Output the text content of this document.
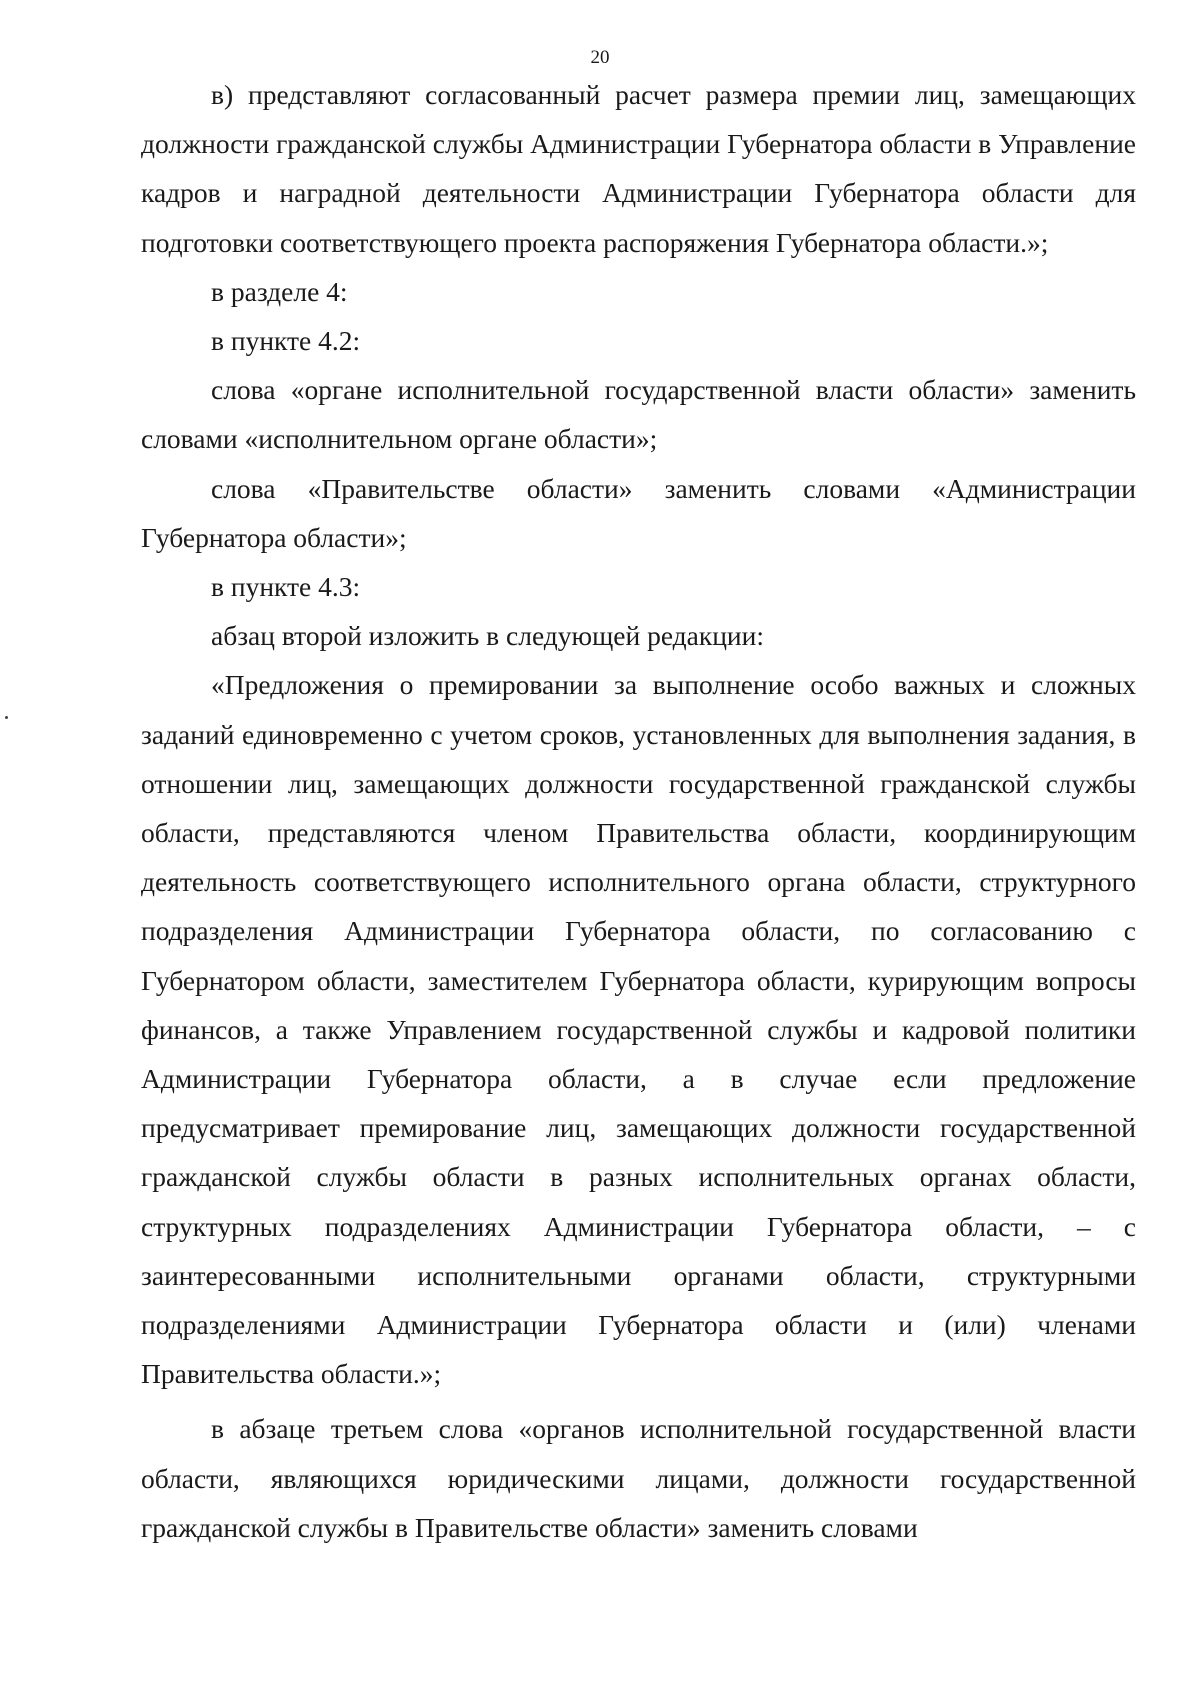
20

в) представляют согласованный расчет размера премии лиц, замещающих должности гражданской службы Администрации Губернатора области в Управление кадров и наградной деятельности Администрации Губернатора области для подготовки соответствующего проекта распоряжения Губернатора области.»;

в разделе 4:

в пункте 4.2:

слова «органе исполнительной государственной власти области» заменить словами «исполнительном органе области»;

слова «Правительстве области» заменить словами «Администрации Губернатора области»;

в пункте 4.3:

абзац второй изложить в следующей редакции:

«Предложения о премировании за выполнение особо важных и сложных заданий единовременно с учетом сроков, установленных для выполнения задания, в отношении лиц, замещающих должности государственной гражданской службы области, представляются членом Правительства области, координирующим деятельность соответствующего исполнительного органа области, структурного подразделения Администрации Губернатора области, по согласованию с Губернатором области, заместителем Губернатора области, курирующим вопросы финансов, а также Управлением государственной службы и кадровой политики Администрации Губернатора области, а в случае если предложение предусматривает премирование лиц, замещающих должности государственной гражданской службы области в разных исполнительных органах области, структурных подразделениях Администрации Губернатора области, – с заинтересованными исполнительными органами области, структурными подразделениями Администрации Губернатора области и (или) членами Правительства области.»;

в абзаце третьем слова «органов исполнительной государственной власти области, являющихся юридическими лицами, должности государственной гражданской службы в Правительстве области» заменить словами
